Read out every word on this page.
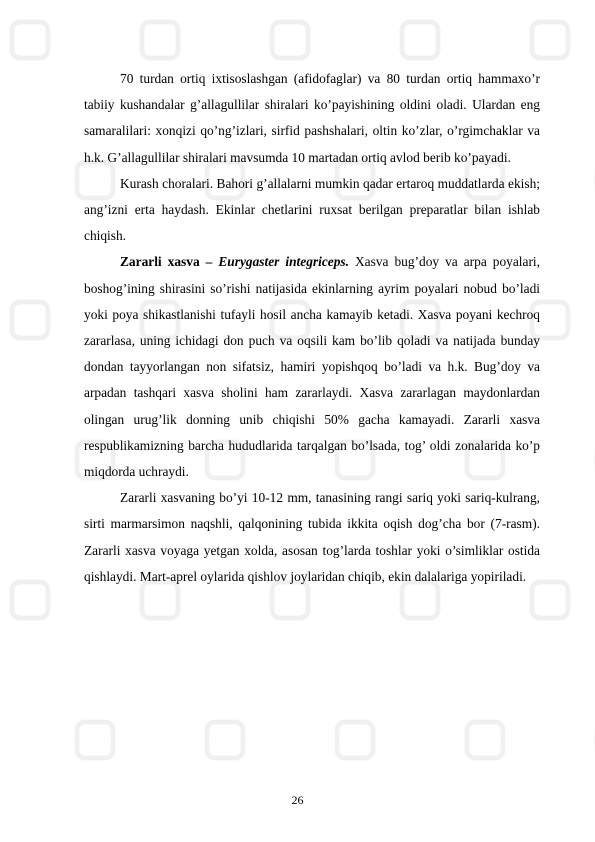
70 turdan ortiq ixtisoslashgan (afidofaglar) va 80 turdan ortiq hammaxo’r tabiiy kushandalar g’allagullilar shiralari ko’payishining oldini oladi. Ulardan eng samaralilari: xonqizi qo’ng’izlari, sirfid pashshalari, oltin ko’zlar, o’rgimchaklar va h.k. G’allagullilar shiralari mavsumda 10 martadan ortiq avlod berib ko’payadi.

Kurash choralari. Bahori g’allalarni mumkin qadar ertaroq muddatlarda ekish; ang’izni erta haydash. Ekinlar chetlarini ruxsat berilgan preparatlar bilan ishlab chiqish.

Zararli xasva – Eurygaster integriceps. Xasva bug’doy va arpa poyalari, boshog’ining shirasini so’rishi natijasida ekinlarning ayrim poyalari nobud bo’ladi yoki poya shikastlanishi tufayli hosil ancha kamayib ketadi. Xasva poyani kechroq zararlasa, uning ichidagi don puch va oqsili kam bo’lib qoladi va natijada bunday dondan tayyorlangan non sifatsiz, hamiri yopishqoq bo’ladi va h.k. Bug’doy va arpadan tashqari xasva sholini ham zararlaydi. Xasva zararlagan maydonlardan olingan urug’lik donning unib chiqishi 50% gacha kamayadi. Zararli xasva respublikamizning barcha hududlarida tarqalgan bo’lsada, tog’ oldi zonalarida ko’p miqdorda uchraydi.

Zararli xasvaning bo’yi 10-12 mm, tanasining rangi sariq yoki sariq-kulrang, sirti marmarsimon naqshli, qalqonining tubida ikkita oqish dog’cha bor (7-rasm). Zararli xasva voyaga yetgan xolda, asosan tog’larda toshlar yoki o’simliklar ostida qishlaydi. Mart-aprel oylarida qishlov joylaridan chiqib, ekin dalalariga yopiriladi.

26
